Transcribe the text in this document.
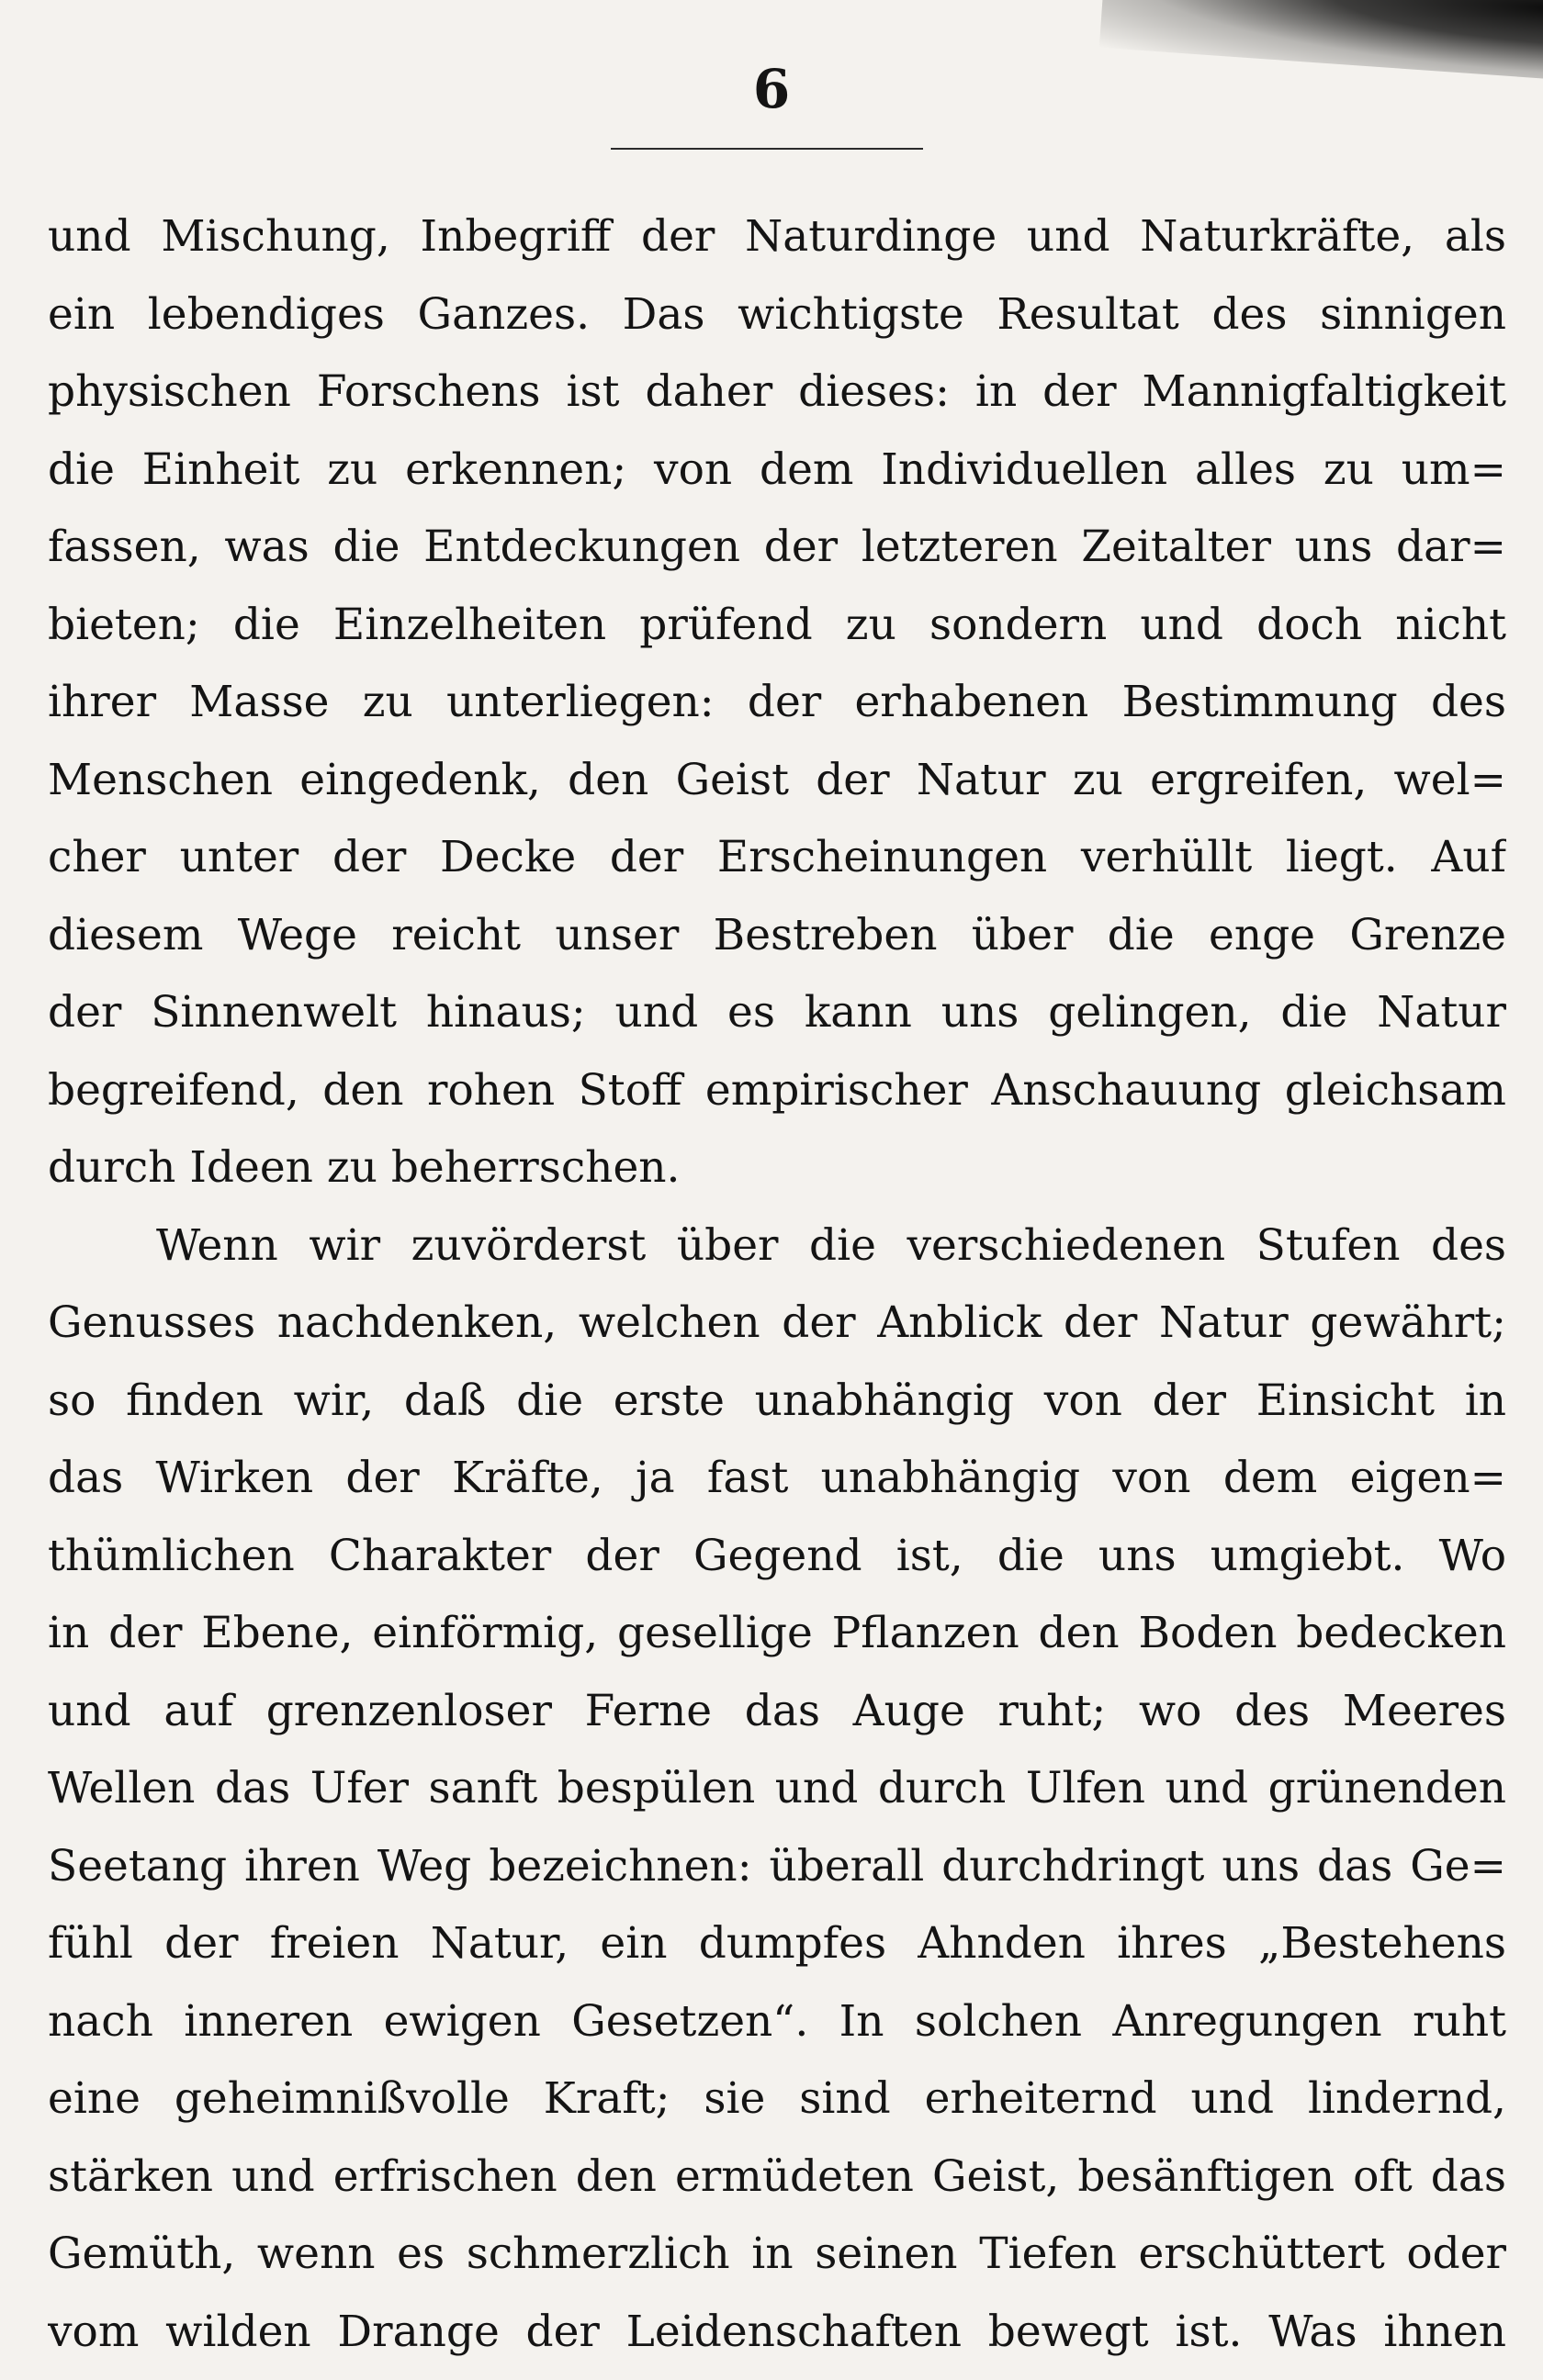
6
und Mischung, Inbegriff der Naturdinge und Naturkräfte, als
ein lebendiges Ganzes. Das wichtigste Resultat des sinnigen
physischen Forschens ist daher dieses: in der Mannigfaltigkeit
die Einheit zu erkennen; von dem Individuellen alles zu um=
fassen, was die Entdeckungen der letzteren Zeitalter uns dar=
bieten; die Einzelheiten prüfend zu sondern und doch nicht
ihrer Masse zu unterliegen: der erhabenen Bestimmung des
Menschen eingedenk, den Geist der Natur zu ergreifen, wel=
cher unter der Decke der Erscheinungen verhüllt liegt. Auf
diesem Wege reicht unser Bestreben über die enge Grenze
der Sinnenwelt hinaus; und es kann uns gelingen, die Natur
begreifend, den rohen Stoff empirischer Anschauung gleichsam
durch Ideen zu beherrschen.
Wenn wir zuvörderst über die verschiedenen Stufen des
Genusses nachdenken, welchen der Anblick der Natur gewährt;
so finden wir, daß die erste unabhängig von der Einsicht in
das Wirken der Kräfte, ja fast unabhängig von dem eigen=
thümlichen Charakter der Gegend ist, die uns umgiebt. Wo
in der Ebene, einförmig, gesellige Pflanzen den Boden bedecken
und auf grenzenloser Ferne das Auge ruht; wo des Meeres
Wellen das Ufer sanft bespülen und durch Ulfen und grünenden
Seetang ihren Weg bezeichnen: überall durchdringt uns das Ge=
fühl der freien Natur, ein dumpfes Ahnden ihres „Bestehens
nach inneren ewigen Gesetzen“. In solchen Anregungen ruht
eine geheimnißvolle Kraft; sie sind erheiternd und lindernd,
stärken und erfrischen den ermüdeten Geist, besänftigen oft das
Gemüth, wenn es schmerzlich in seinen Tiefen erschüttert oder
vom wilden Drange der Leidenschaften bewegt ist. Was ihnen
